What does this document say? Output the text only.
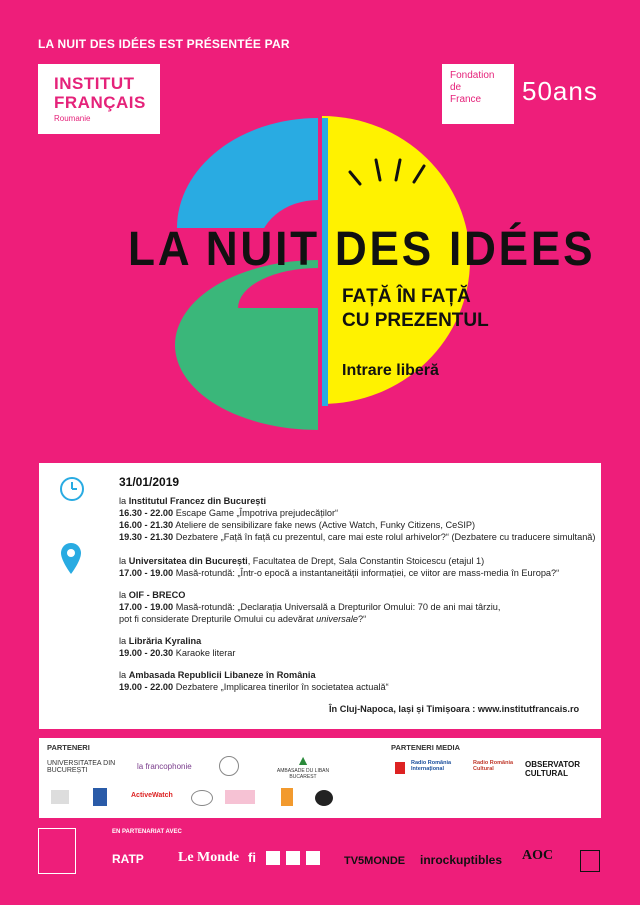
LA NUIT DES IDÉES EST PRÉSENTÉE PAR
INSTITUT
FRANÇAIS
Roumanie
Fondation
de
France	50ans
LA NUIT DES IDÉES
FAȚĂ ÎN FAȚĂ
CU PREZENTUL
Intrare liberă
31/01/2019
la Institutul Francez din București
16.30 - 22.00 Escape Game „Împotriva prejudecăților“
16.00 - 21.30 Ateliere de sensibilizare fake news (Active Watch, Funky Citizens, CeSIP)
19.30 - 21.30 Dezbatere „Față în față cu prezentul, care mai este rolul arhivelor?“ (Dezbatere cu traducere simultană)
la Universitatea din București, Facultatea de Drept, Sala Constantin Stoicescu (etajul 1)
17.00 - 19.00 Masă-rotundă: „Într-o epocă a instantaneității informației, ce viitor are mass-media în Europa?“
la OIF - BRECO
17.00 - 19.00 Masă-rotundă: „Declarația Universală a Drepturilor Omului: 70 de ani mai târziu,
pot fi considerate Drepturile Omului cu adevărat universale?“
la Librăria Kyralina
19.00 - 20.30 Karaoke literar
la Ambasada Republicii Libaneze în România
19.00 - 22.00 Dezbatere „Implicarea tinerilor în societatea actuală“
În Cluj-Napoca, Iași și Timișoara : www.institutfrancais.ro
PARTENERI	PARTENERI MEDIA
UNIVERSITATEA DIN BUCUREȘTI	la francophonie	▲
AMBASADE DU LIBAN BUCAREST
ActiveWatch
Radio România Internațional
Radio România Cultural	OBSERVATOR CULTURAL
EN PARTENARIAT AVEC
RATP Le Monde fi	TV5MONDE inrockuptibles AOC
